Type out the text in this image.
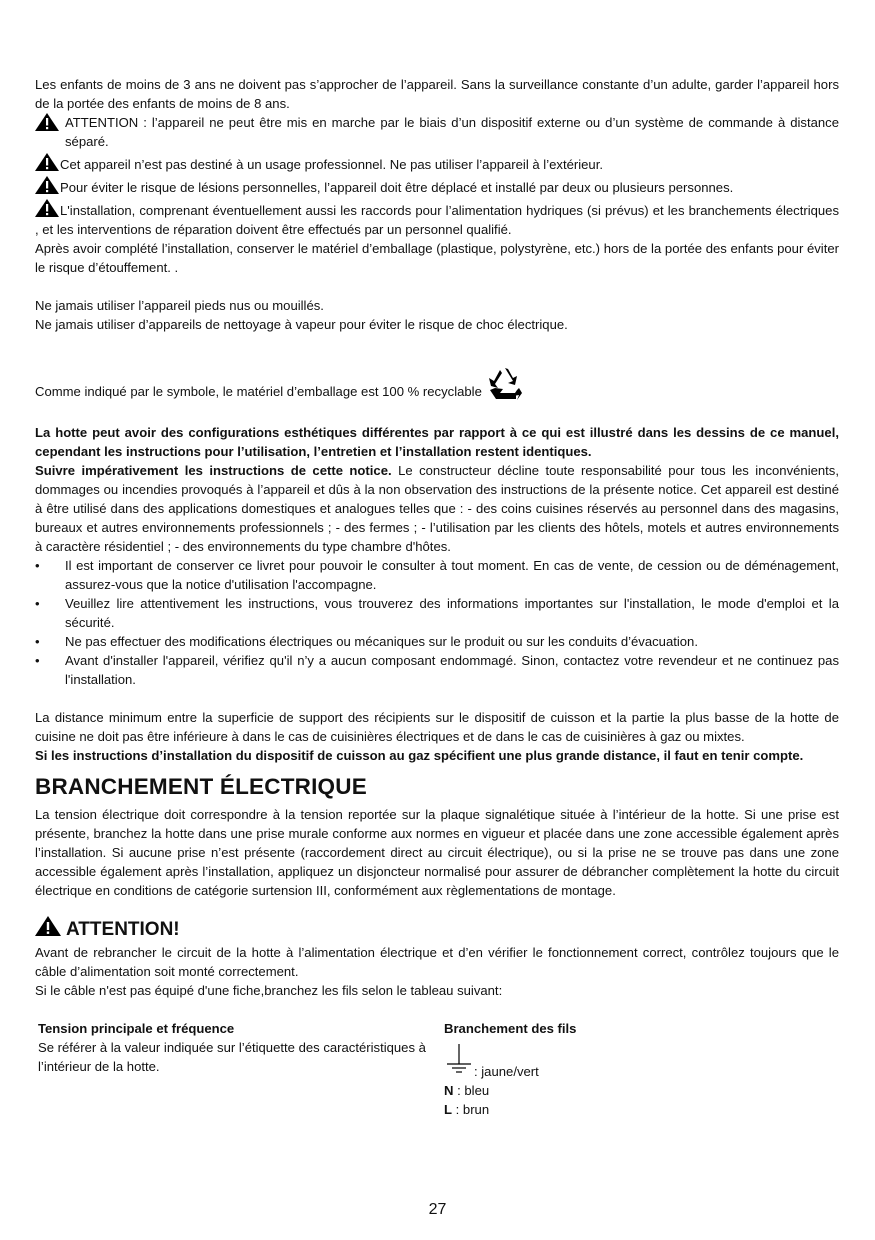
Les enfants de moins de 3 ans ne doivent pas s’approcher de l’appareil. Sans la surveillance constante d’un adulte, garder l’appareil hors de la portée des enfants de moins de 8 ans.

ATTENTION : l’appareil ne peut être mis en marche par le biais d’un dispositif externe ou d’un système de commande à distance séparé.

Cet appareil n’est pas destiné à un usage professionnel. Ne pas utiliser l’appareil à l’extérieur.

Pour éviter le risque de lésions personnelles, l’appareil doit être déplacé et installé par deux ou plusieurs personnes.

L'installation, comprenant éventuellement aussi les raccords pour l’alimentation hydriques (si prévus) et les branchements électriques , et les interventions de réparation doivent être effectués par un personnel qualifié.

Après avoir complété l’installation, conserver le matériel d’emballage (plastique, polystyrène, etc.) hors de la portée des enfants pour éviter le risque d’étouffement. .

Ne jamais utiliser l’appareil pieds nus ou mouillés.

Ne jamais utiliser d’appareils de nettoyage à vapeur pour éviter le risque de choc électrique.

Comme indiqué par le symbole, le matériel d’emballage est 100 % recyclable

La hotte peut avoir des configurations esthétiques différentes par rapport à ce qui est illustré dans les dessins de ce manuel, cependant les instructions pour l’utilisation, l’entretien et l’installation restent identiques.

Suivre impérativement les instructions de cette notice. Le constructeur décline toute responsabilité pour tous les inconvénients, dommages ou incendies provoqués à l’appareil et dûs à la non observation des instructions de la présente notice. Cet appareil est destiné à être utilisé dans des applications domestiques et analogues telles que : - des coins cuisines réservés au personnel dans des magasins, bureaux et autres environnements professionnels ; - des fermes ; - l’utilisation par les clients des hôtels, motels et autres environnements à caractère résidentiel ; - des environnements du type chambre d'hôtes.

• Il est important de conserver ce livret pour pouvoir le consulter à tout moment. En cas de vente, de cession ou de déménagement, assurez-vous que la notice d'utilisation l'accompagne.
• Veuillez lire attentivement les instructions, vous trouverez des informations importantes sur l'installation, le mode d'emploi et la sécurité.
• Ne pas effectuer des modifications électriques ou mécaniques sur le produit ou sur les conduits d’évacuation.
• Avant d'installer l'appareil, vérifiez qu'il n’y a aucun composant endommagé. Sinon, contactez votre revendeur et ne continuez pas l'installation.

La distance minimum entre la superficie de support des récipients sur le dispositif de cuisson et la partie la plus basse de la hotte de cuisine ne doit pas être inférieure à dans le cas de cuisinières électriques et de dans le cas de cuisinières à gaz ou mixtes.

Si les instructions d’installation du dispositif de cuisson au gaz spécifient une plus grande distance, il faut en tenir compte.

BRANCHEMENT ÉLECTRIQUE

La tension électrique doit correspondre à la tension reportée sur la plaque signalétique située à l’intérieur de la hotte. Si une prise est présente, branchez la hotte dans une prise murale conforme aux normes en vigueur et placée dans une zone accessible également après l’installation. Si aucune prise n’est présente (raccordement direct au circuit électrique), ou si la prise ne se trouve pas dans une zone accessible également après l’installation, appliquez un disjoncteur normalisé pour assurer de débrancher complètement la hotte du circuit électrique en conditions de catégorie surtension III, conformément aux règlementations de montage.

ATTENTION!

Avant de rebrancher le circuit de la hotte à l’alimentation électrique et d’en vérifier le fonctionnement correct, contrôlez toujours que le câble d’alimentation soit monté correctement.

Si le câble n'est pas équipé d'une fiche,branchez les fils selon le tableau suivant:

Tension principale et fréquence

Se référer à la valeur indiquée sur l’étiquette des caractéristiques à l’intérieur de la hotte.

Branchement des fils

: jaune/vert

N : bleu

L : brun

27
